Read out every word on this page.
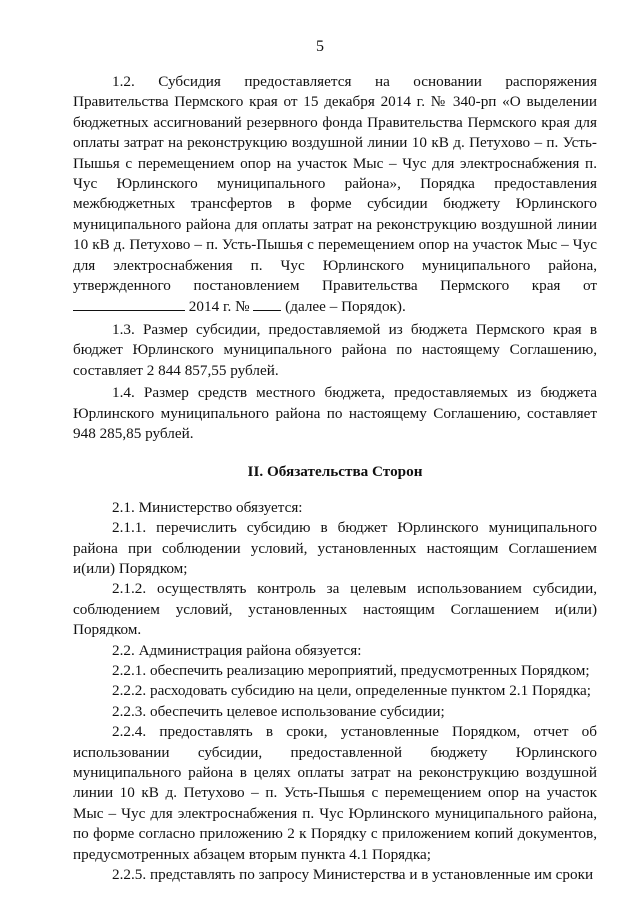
5

1.2. Субсидия предоставляется на основании распоряжения Правительства Пермского края от 15 декабря 2014 г. № 340-рп «О выделении бюджетных ассигнований резервного фонда Правительства Пермского края для оплаты затрат на реконструкцию воздушной линии 10 кВ д. Петухово – п. Усть-Пышья с перемещением опор на участок Мыс – Чус для электроснабжения п. Чус Юрлинского муниципального района», Порядка предоставления межбюджетных трансфертов в форме субсидии бюджету Юрлинского муниципального района для оплаты затрат на реконструкцию воздушной линии 10 кВ д. Петухово – п. Усть-Пышья с перемещением опор на участок Мыс – Чус для электроснабжения п. Чус Юрлинского муниципального района, утвержденного постановлением Правительства Пермского края от  2014 г. № (далее – Порядок).

1.3. Размер субсидии, предоставляемой из бюджета Пермского края в бюджет Юрлинского муниципального района по настоящему Соглашению, составляет 2 844 857,55 рублей.

1.4. Размер средств местного бюджета, предоставляемых из бюджета Юрлинского муниципального района по настоящему Соглашению, составляет 948 285,85 рублей.

II. Обязательства Сторон

2.1. Министерство обязуется:

2.1.1. перечислить субсидию в бюджет Юрлинского муниципального района при соблюдении условий, установленных настоящим Соглашением и(или) Порядком;

2.1.2. осуществлять контроль за целевым использованием субсидии, соблюдением условий, установленных настоящим Соглашением и(или) Порядком.

2.2. Администрация района обязуется:

2.2.1. обеспечить реализацию мероприятий, предусмотренных Порядком;

2.2.2. расходовать субсидию на цели, определенные пунктом 2.1 Порядка;

2.2.3. обеспечить целевое использование субсидии;

2.2.4. предоставлять в сроки, установленные Порядком, отчет об использовании субсидии, предоставленной бюджету Юрлинского муниципального района в целях оплаты затрат на реконструкцию воздушной линии 10 кВ д. Петухово – п. Усть-Пышья с перемещением опор на участок Мыс – Чус для электроснабжения п. Чус Юрлинского муниципального района, по форме согласно приложению 2 к Порядку с приложением копий документов, предусмотренных абзацем вторым пункта 4.1 Порядка;

2.2.5. представлять по запросу Министерства и в установленные им сроки
